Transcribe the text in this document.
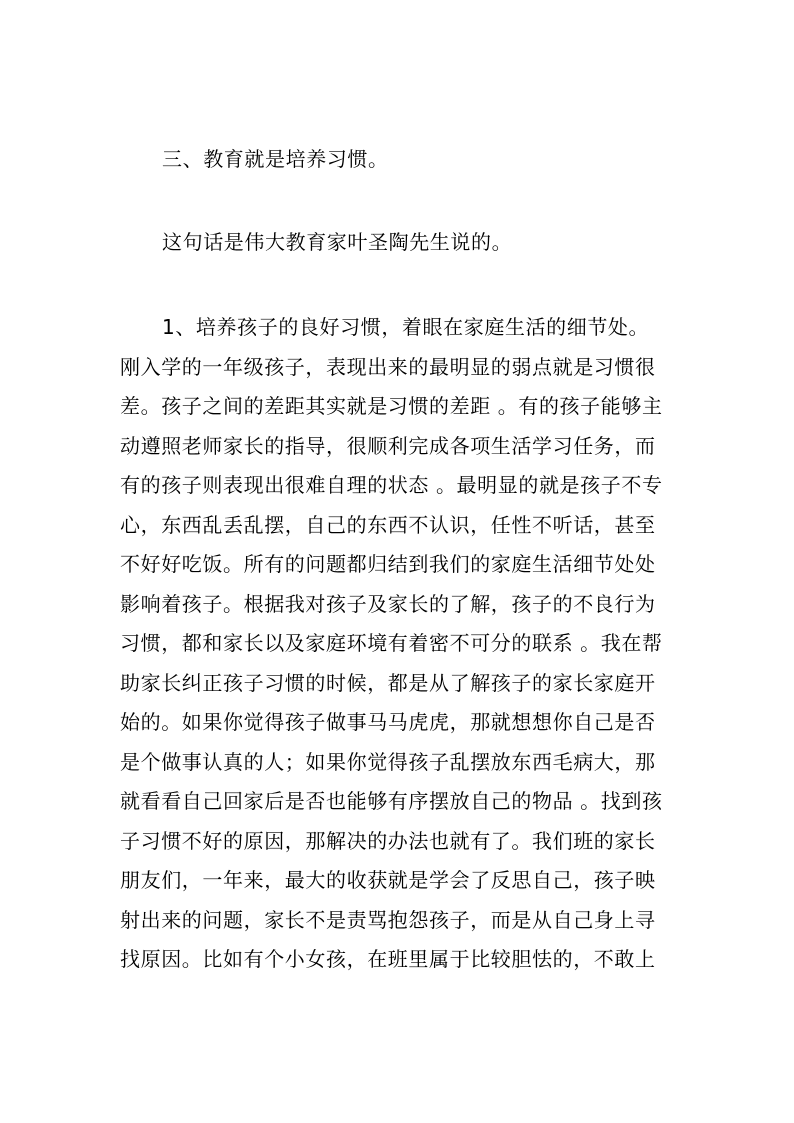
三、教育就是培养习惯。
这句话是伟大教育家叶圣陶先生说的。
1、培养孩子的良好习惯，着眼在家庭生活的细节处。
刚入学的一年级孩子，表现出来的最明显的弱点就是习惯很
差。孩子之间的差距其实就是习惯的差距 。有的孩子能够主
动遵照老师家长的指导，很顺利完成各项生活学习任务，而
有的孩子则表现出很难自理的状态 。最明显的就是孩子不专
心，东西乱丢乱摆，自己的东西不认识，任性不听话，甚至
不好好吃饭。所有的问题都归结到我们的家庭生活细节处处
影响着孩子。根据我对孩子及家长的了解，孩子的不良行为
习惯，都和家长以及家庭环境有着密不可分的联系 。我在帮
助家长纠正孩子习惯的时候，都是从了解孩子的家长家庭开
始的。如果你觉得孩子做事马马虎虎，那就想想你自己是否
是个做事认真的人；如果你觉得孩子乱摆放东西毛病大，那
就看看自己回家后是否也能够有序摆放自己的物品 。找到孩
子习惯不好的原因，那解决的办法也就有了。我们班的家长
朋友们，一年来，最大的收获就是学会了反思自己，孩子映
射出来的问题，家长不是责骂抱怨孩子，而是从自己身上寻
找原因。比如有个小女孩，在班里属于比较胆怯的，不敢上
